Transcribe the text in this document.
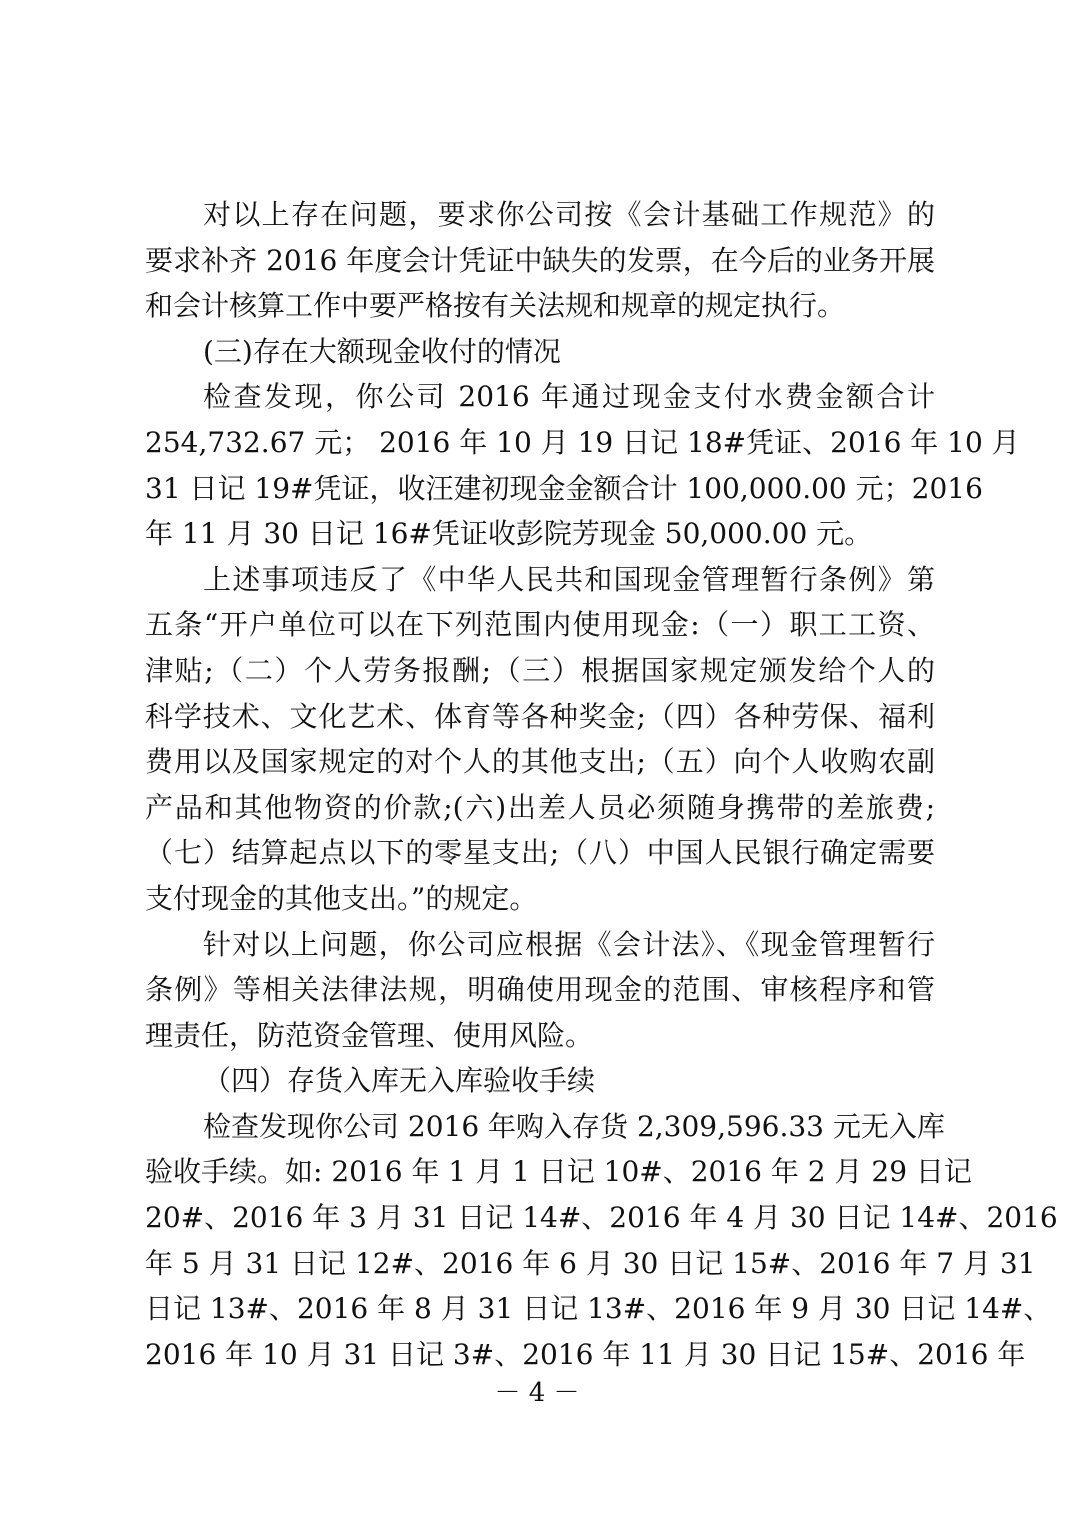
对以上存在问题，要求你公司按《会计基础工作规范》的
要求补齐 2016 年度会计凭证中缺失的发票，在今后的业务开展
和会计核算工作中要严格按有关法规和规章的规定执行。
(三)存在大额现金收付的情况
检查发现，你公司 2016 年通过现金支付水费金额合计
254,732.67 元； 2016 年 10 月 19 日记 18#凭证、2016 年 10 月
31 日记 19#凭证，收汪建初现金金额合计 100,000.00 元；2016
年 11 月 30 日记 16#凭证收彭院芳现金 50,000.00 元。
上述事项违反了《中华人民共和国现金管理暂行条例》第
五条“开户单位可以在下列范围内使用现金:（一）职工工资、
津贴;（二）个人劳务报酬;（三）根据国家规定颁发给个人的
科学技术、文化艺术、体育等各种奖金;（四）各种劳保、福利
费用以及国家规定的对个人的其他支出;（五）向个人收购农副
产品和其他物资的价款;(六)出差人员必须随身携带的差旅费;
（七）结算起点以下的零星支出;（八）中国人民银行确定需要
支付现金的其他支出。”的规定。
针对以上问题，你公司应根据《会计法》、《现金管理暂行
条例》等相关法律法规，明确使用现金的范围、审核程序和管
理责任，防范资金管理、使用风险。
（四）存货入库无入库验收手续
检查发现你公司 2016 年购入存货 2,309,596.33 元无入库
验收手续。如: 2016 年 1 月 1 日记 10#、2016 年 2 月 29 日记
20#、2016 年 3 月 31 日记 14#、2016 年 4 月 30 日记 14#、2016
年 5 月 31 日记 12#、2016 年 6 月 30 日记 15#、2016 年 7 月 31
日记 13#、2016 年 8 月 31 日记 13#、2016 年 9 月 30 日记 14#、
2016 年 10 月 31 日记 3#、2016 年 11 月 30 日记 15#、2016 年
－ 4 －
